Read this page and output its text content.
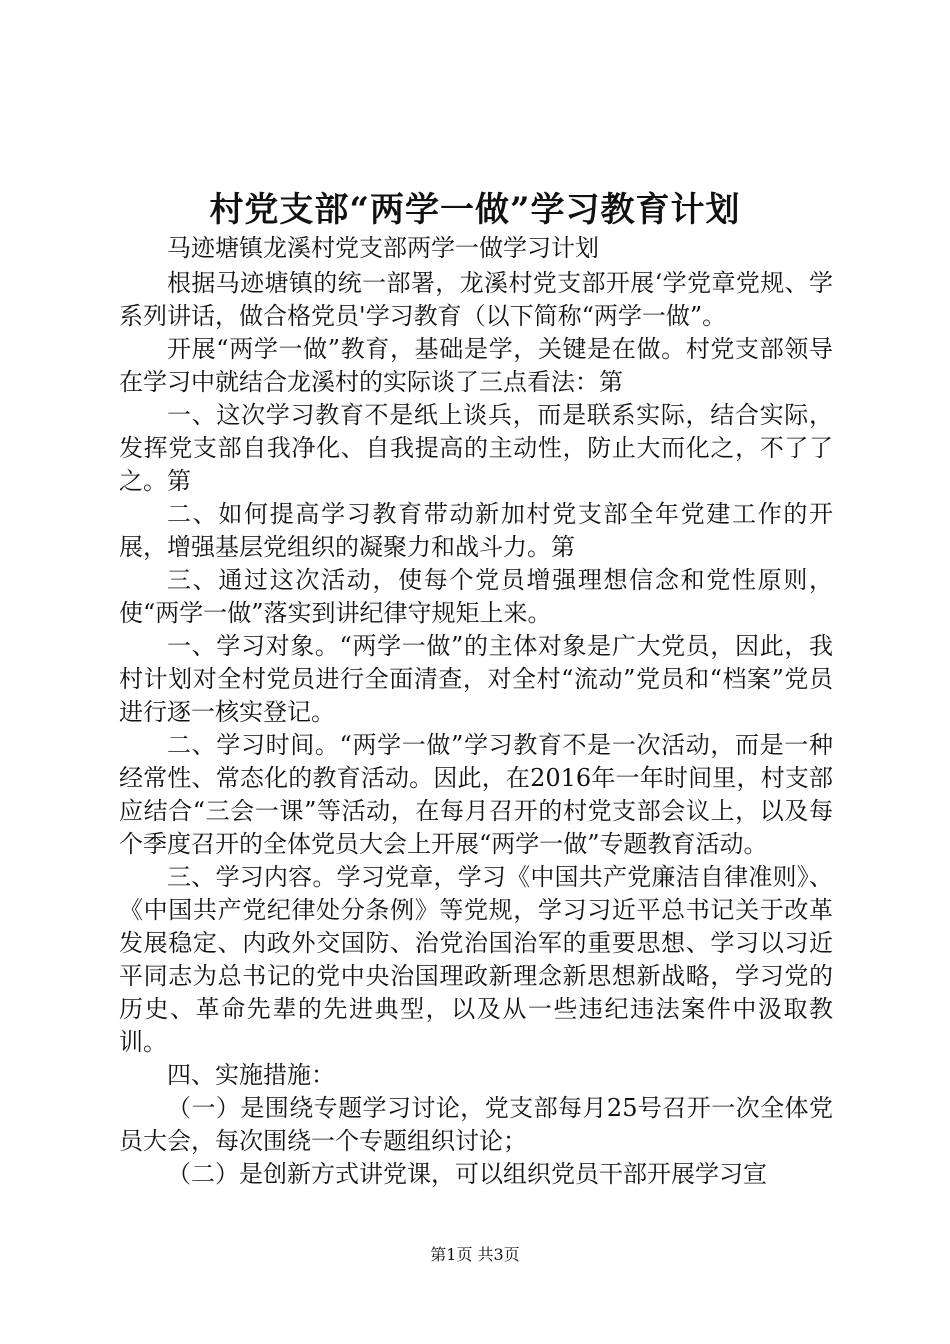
村党支部“两学一做”学习教育计划

马迹塘镇龙溪村党支部两学一做学习计划

根据马迹塘镇的统一部署，龙溪村党支部开展‘学党章党规、学系列讲话，做合格党员'学习教育（以下简称“两学一做”。

开展“两学一做”教育，基础是学，关键是在做。村党支部领导在学习中就结合龙溪村的实际谈了三点看法：第

一、这次学习教育不是纸上谈兵，而是联系实际，结合实际，发挥党支部自我净化、自我提高的主动性，防止大而化之，不了了之。第

二、如何提高学习教育带动新加村党支部全年党建工作的开展，增强基层党组织的凝聚力和战斗力。第

三、通过这次活动，使每个党员增强理想信念和党性原则，使“两学一做”落实到讲纪律守规矩上来。

一、学习对象。“两学一做”的主体对象是广大党员，因此，我村计划对全村党员进行全面清查，对全村“流动”党员和“档案”党员进行逐一核实登记。

二、学习时间。“两学一做”学习教育不是一次活动，而是一种经常性、常态化的教育活动。因此，在2016年一年时间里，村支部应结合“三会一课”等活动，在每月召开的村党支部会议上，以及每个季度召开的全体党员大会上开展“两学一做”专题教育活动。

三、学习内容。学习党章，学习《中国共产党廉洁自律准则》、《中国共产党纪律处分条例》等党规，学习习近平总书记关于改革发展稳定、内政外交国防、治党治国治军的重要思想、学习以习近平同志为总书记的党中央治国理政新理念新思想新战略，学习党的历史、革命先辈的先进典型，以及从一些违纪违法案件中汲取教训。

四、实施措施：

（一）是围绕专题学习讨论，党支部每月25号召开一次全体党员大会，每次围绕一个专题组织讨论；

（二）是创新方式讲党课，可以组织党员干部开展学习宣

第1页 共3页
